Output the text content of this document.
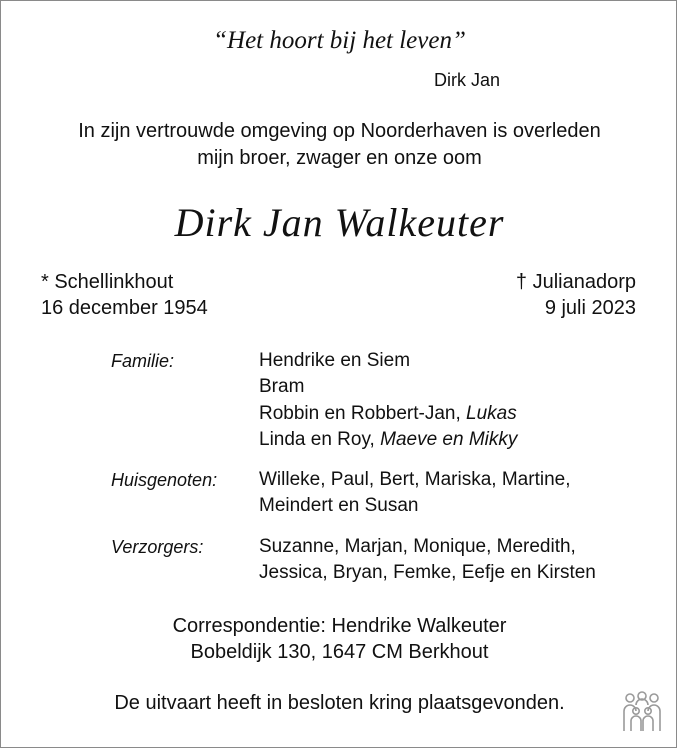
“Het hoort bij het leven”
Dirk Jan
In zijn vertrouwde omgeving op Noorderhaven is overleden
mijn broer, zwager en onze oom
Dirk Jan Walkeuter
* Schellinkhout
16 december 1954
† Julianadorp
9 juli 2023
Familie:	Hendrike en Siem
Bram
Robbin en Robbert-Jan, Lukas
Linda en Roy, Maeve en Mikky
Huisgenoten: Willeke, Paul, Bert, Mariska, Martine,
Meindert en Susan
Verzorgers:	Suzanne, Marjan, Monique, Meredith,
Jessica, Bryan, Femke, Eefje en Kirsten
Correspondentie: Hendrike Walkeuter
Bobeldijk 130, 1647 CM Berkhout
De uitvaart heeft in besloten kring plaatsgevonden.
